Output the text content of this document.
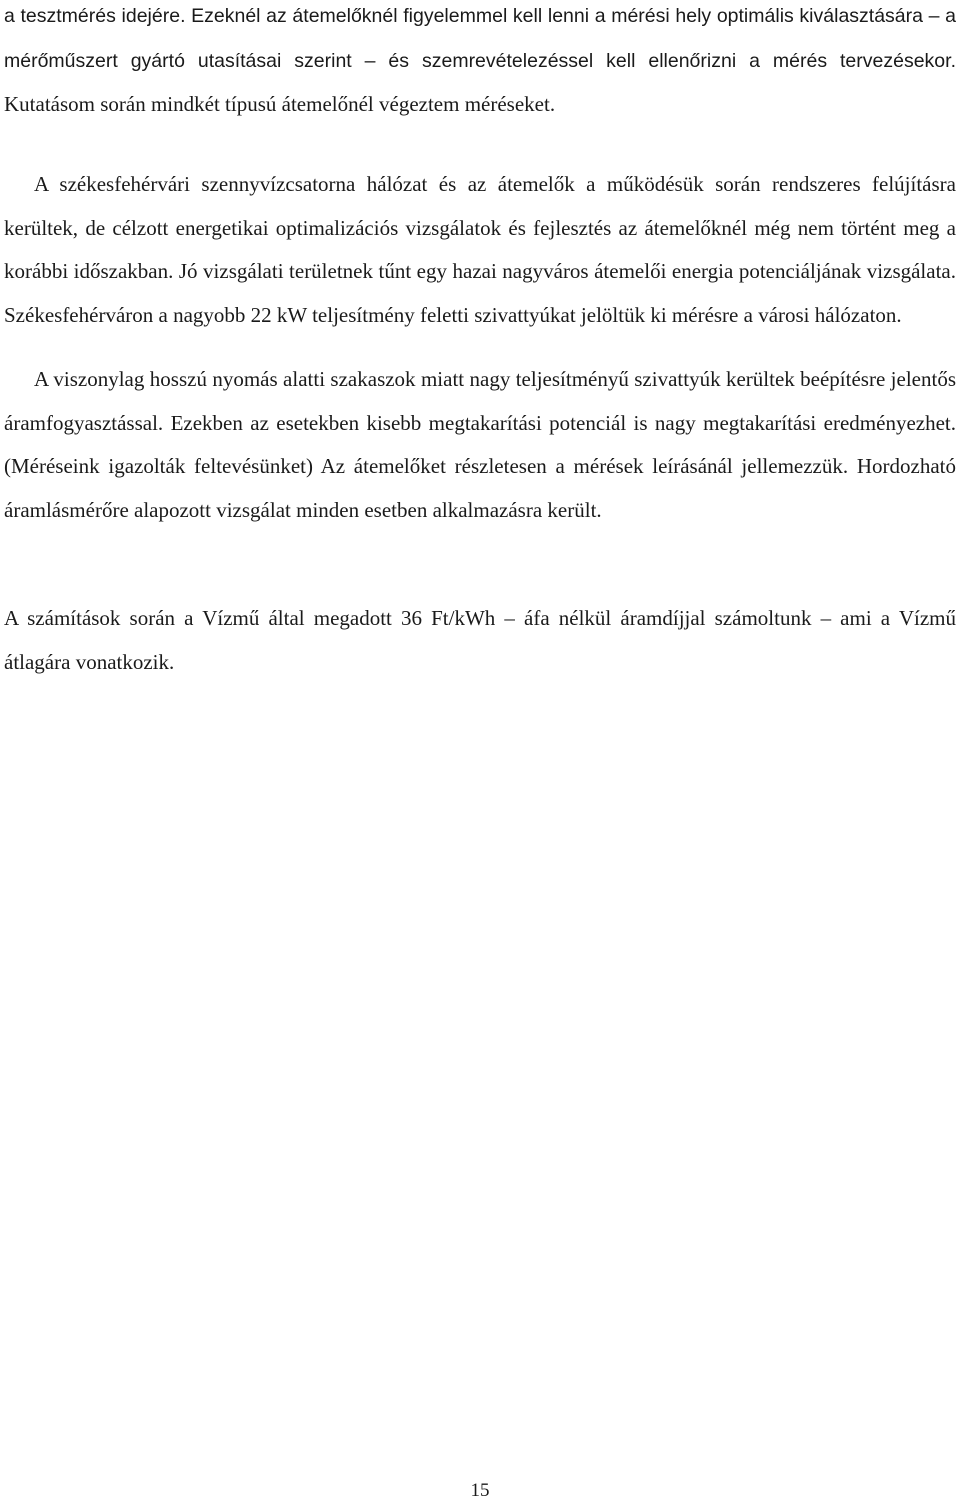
a tesztmérés idejére. Ezeknél az átemelőknél figyelemmel kell lenni a mérési hely optimális kiválasztására – a mérőműszert gyártó utasításai szerint – és szemrevételezéssel kell ellenőrizni a mérés tervezésekor. Kutatásom során mindkét típusú átemelőnél végeztem méréseket.

A székesfehérvári szennyvízcsatorna hálózat és az átemelők a működésük során rendszeres felújításra kerültek, de célzott energetikai optimalizációs vizsgálatok és fejlesztés az átemelőknél még nem történt meg a korábbi időszakban. Jó vizsgálati területnek tűnt egy hazai nagyváros átemelői energia potenciáljának vizsgálata. Székesfehérváron a nagyobb 22 kW teljesítmény feletti szivattyúkat jelöltük ki mérésre a városi hálózaton.

A viszonylag hosszú nyomás alatti szakaszok miatt nagy teljesítményű szivattyúk kerültek beépítésre jelentős áramfogyasztással. Ezekben az esetekben kisebb megtakarítási potenciál is nagy megtakarítási eredményezhet. (Méréseink igazolták feltevésünket) Az átemelőket részletesen a mérések leírásánál jellemezzük. Hordozható áramlásmérőre alapozott vizsgálat minden esetben alkalmazásra került.

A számítások során a Vízmű által megadott 36 Ft/kWh – áfa nélkül áramdíjjal számoltunk – ami a Vízmű átlagára vonatkozik.

15
